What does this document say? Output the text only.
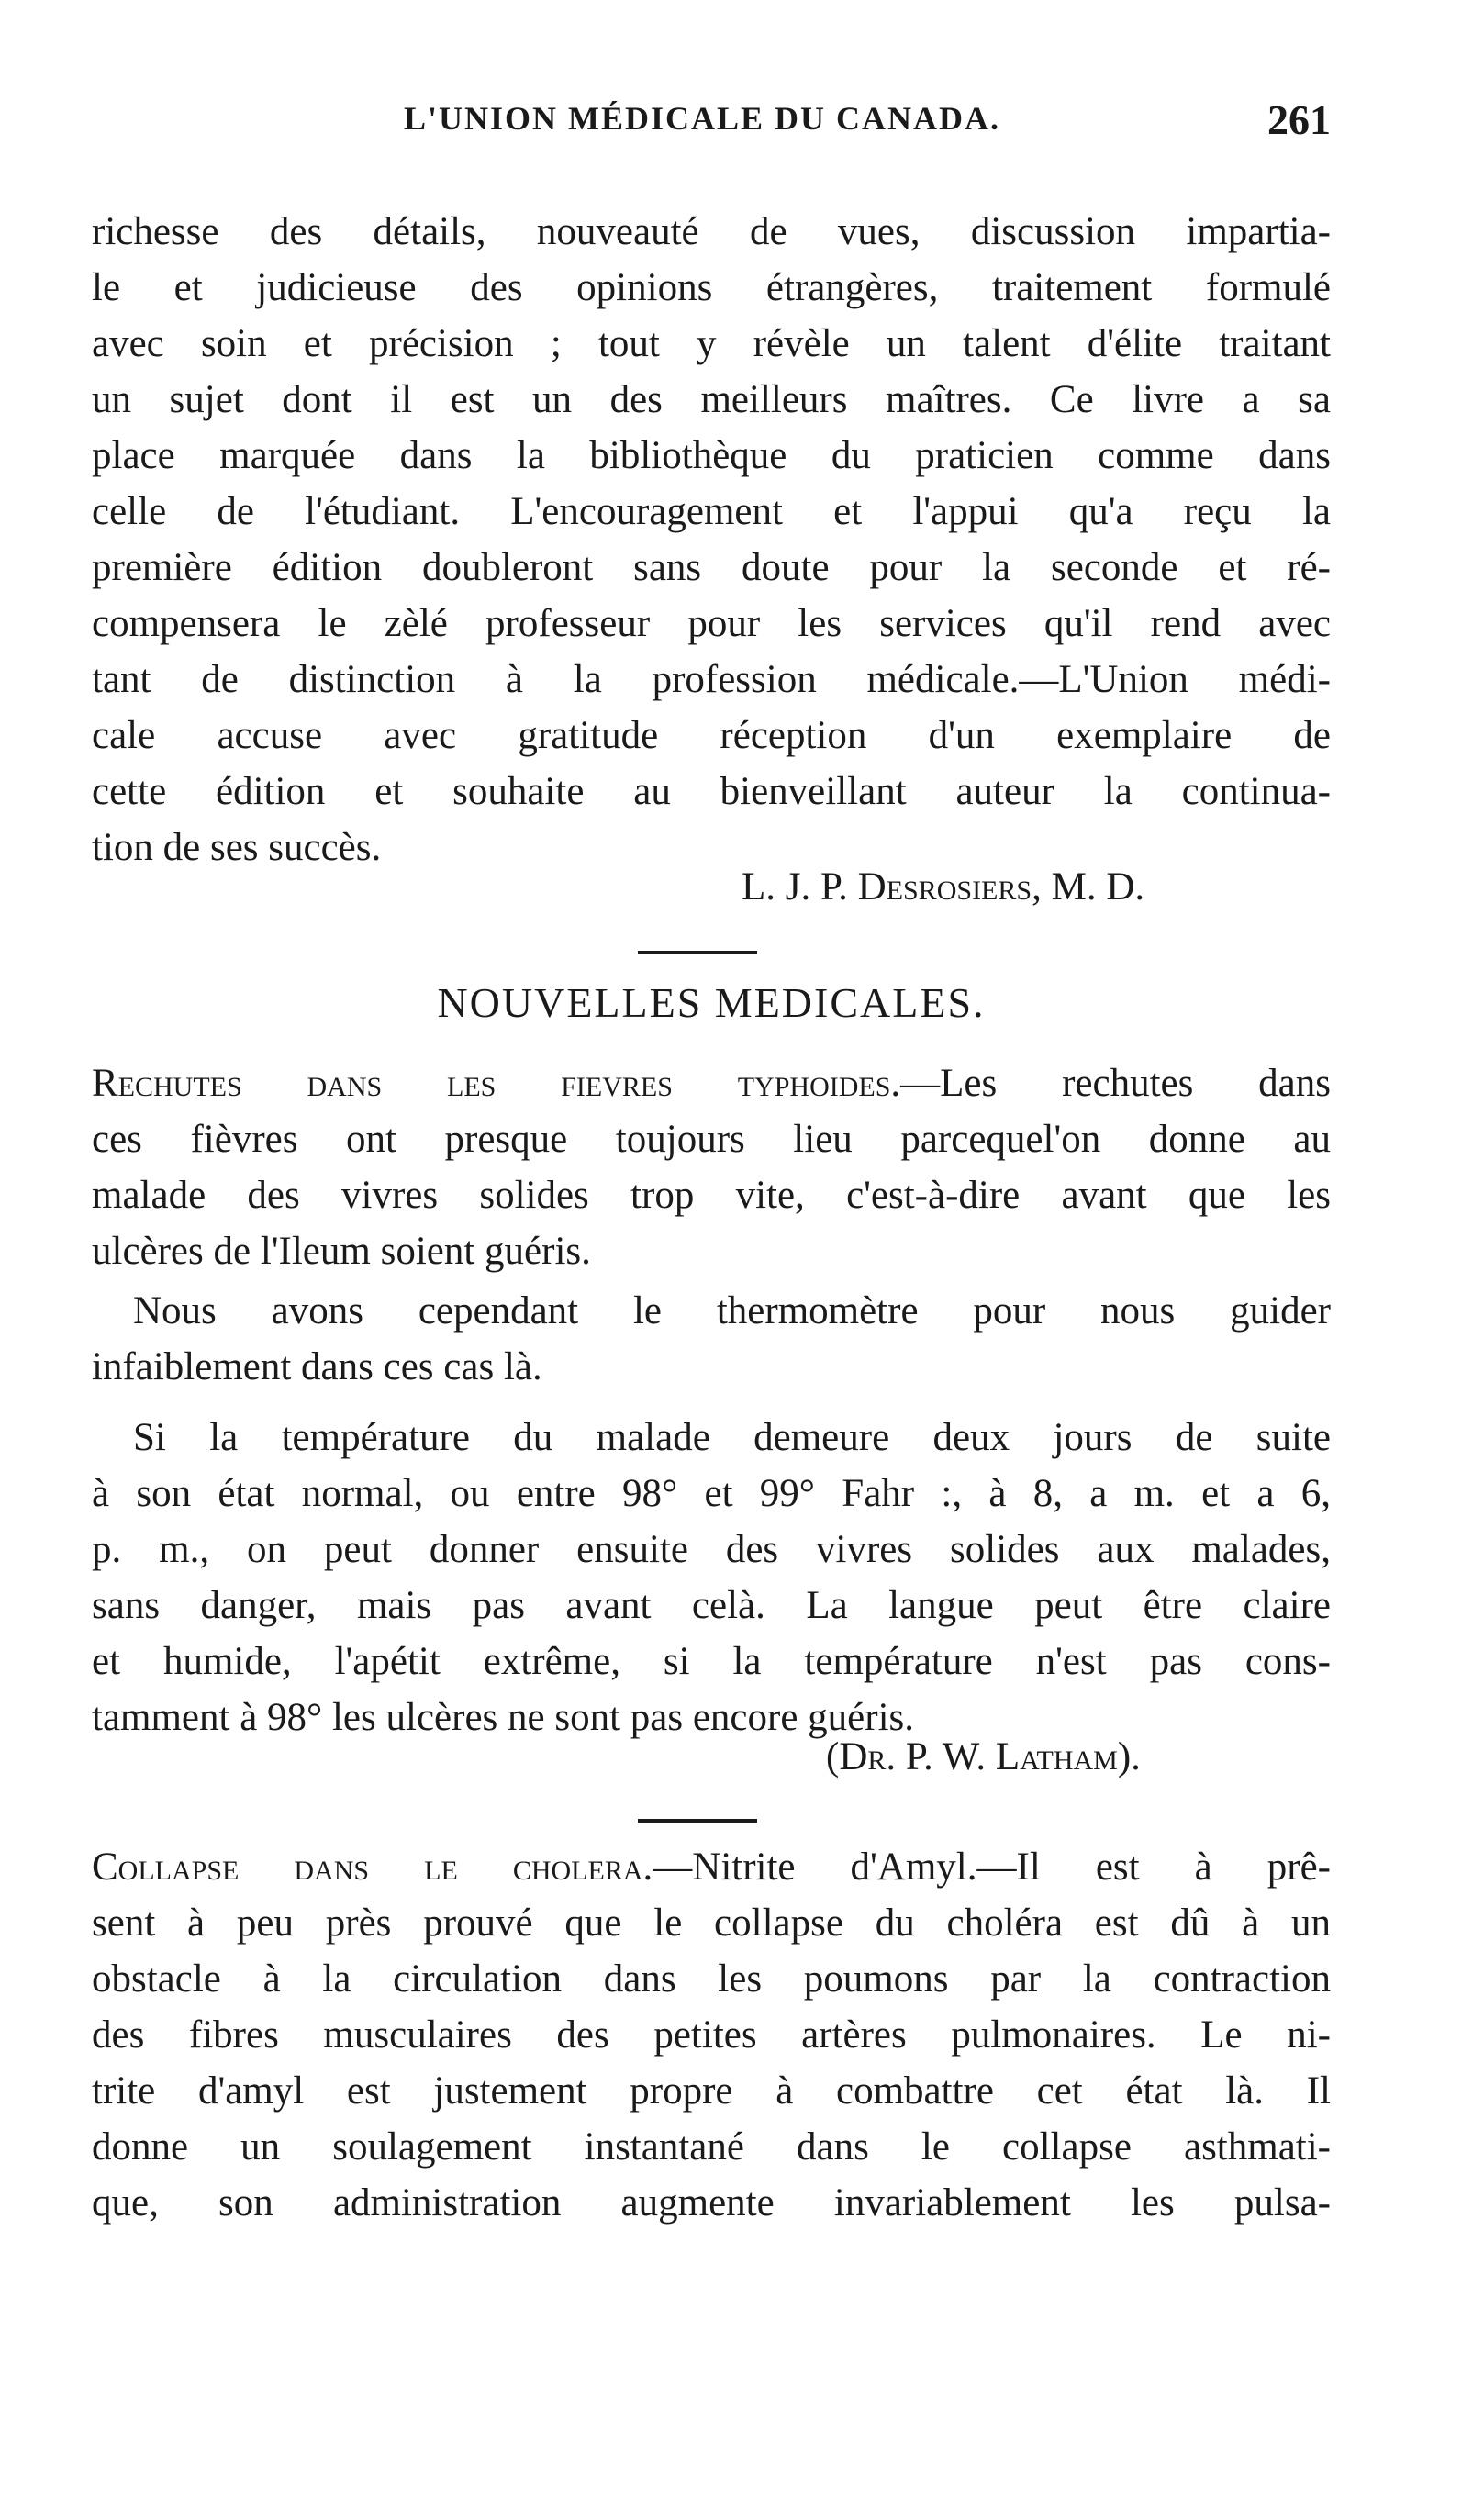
L'UNION MÉDICALE DU CANADA.	261
richesse des détails, nouveauté de vues, discussion impartia-
le et judicieuse des opinions étrangères, traitement formulé
avec soin et précision ; tout y révèle un talent d'élite traitant
un sujet dont il est un des meilleurs maîtres. Ce livre a sa
place marquée dans la bibliothèque du praticien comme dans
celle de l'étudiant. L'encouragement et l'appui qu'a reçu la
première édition doubleront sans doute pour la seconde et ré-
compensera le zèlé professeur pour les services qu'il rend avec
tant de distinction à la profession médicale.—L'Union médi-
cale accuse avec gratitude réception d'un exemplaire de
cette édition et souhaite au bienveillant auteur la continua-
tion de ses succès.
L. J. P. Desrosiers, M. D.
NOUVELLES MEDICALES.
Rechutes dans les fievres typhoides.—Les rechutes dans
ces fièvres ont presque toujours lieu parcequel'on donne au
malade des vivres solides trop vite, c'est-à-dire avant que les
ulcères de l'Ileum soient guéris.
Nous avons cependant le thermomètre pour nous guider
infaiblement dans ces cas là.
Si la température du malade demeure deux jours de suite
à son état normal, ou entre 98° et 99° Fahr :, à 8, a m. et a 6,
p. m., on peut donner ensuite des vivres solides aux malades,
sans danger, mais pas avant celà. La langue peut être claire
et humide, l'apétit extrême, si la température n'est pas cons-
tamment à 98° les ulcères ne sont pas encore guéris.
(Dr. P. W. Latham).
Collapse dans le cholera.—Nitrite d'Amyl.—Il est à prê-
sent à peu près prouvé que le collapse du choléra est dû à un
obstacle à la circulation dans les poumons par la contraction
des fibres musculaires des petites artères pulmonaires. Le ni-
trite d'amyl est justement propre à combattre cet état là. Il
donne un soulagement instantané dans le collapse asthmati-
que, son administration augmente invariablement les pulsa-
